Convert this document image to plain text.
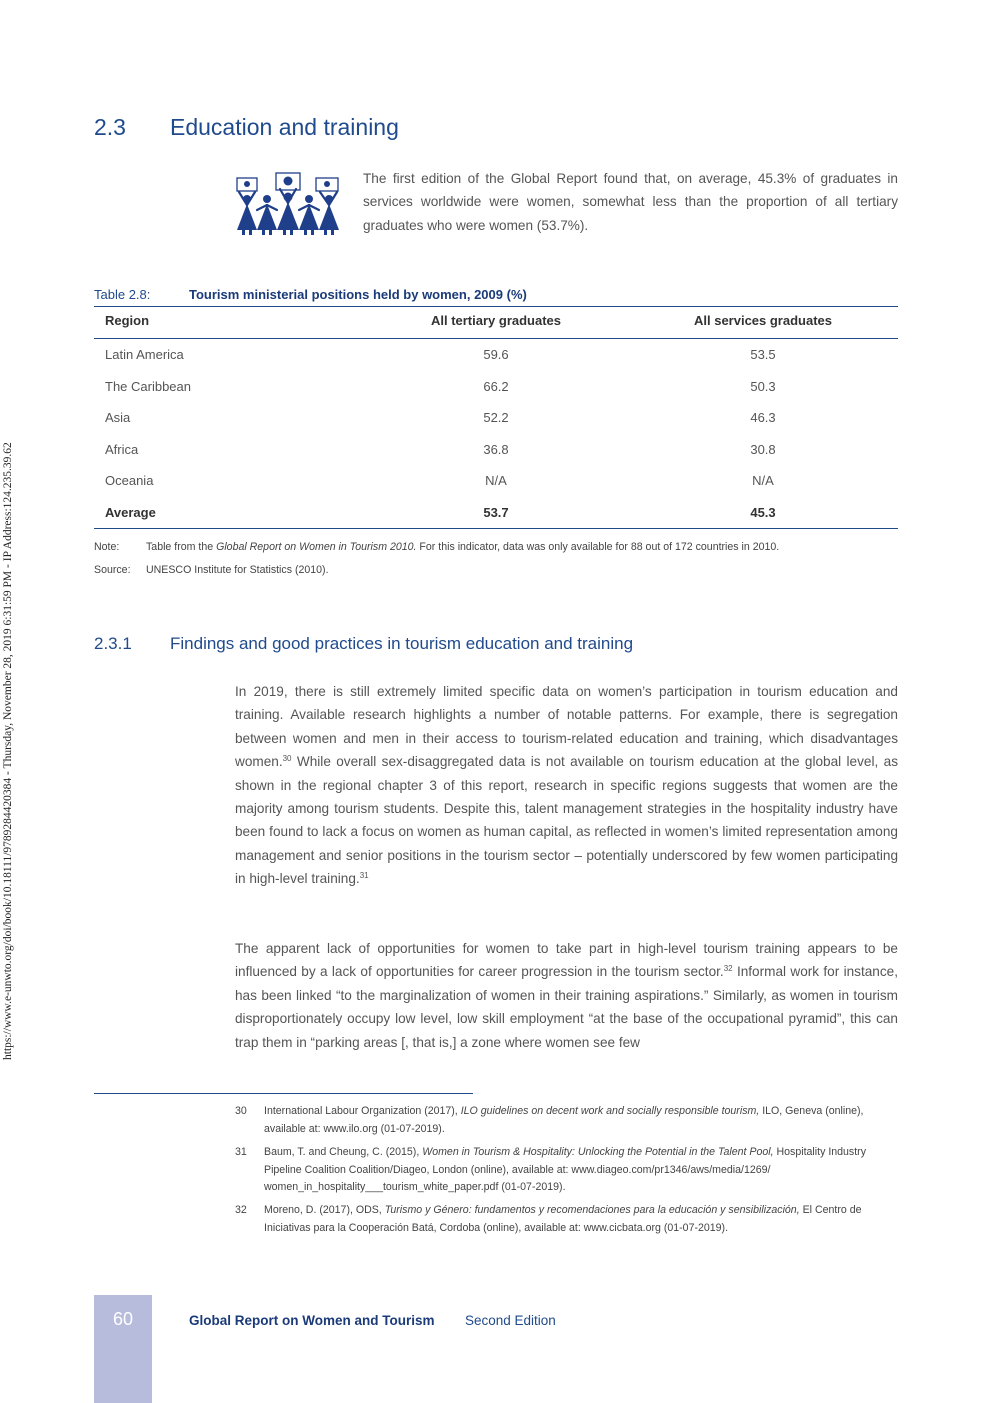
https://www.e-unwto.org/doi/book/10.18111/9789284420384 - Thursday, November 28, 2019 6:31:59 PM - IP Address:124.235.39.62
2.3 Education and training
The first edition of the Global Report found that, on average, 45.3% of graduates in services worldwide were women, somewhat less than the proportion of all tertiary graduates who were women (53.7%).
Table 2.8:	Tourism ministerial positions held by women, 2009 (%)
Region	All tertiary graduates	All services graduates
Latin America	59.6	53.5
The Caribbean	66.2	50.3
Asia	52.2	46.3
Africa	36.8	30.8
Oceania	N/A	N/A
Average	53.7	45.3
Note:	Table from the Global Report on Women in Tourism 2010. For this indicator, data was only available for 88 out of 172 countries in 2010.
Source: UNESCO Institute for Statistics (2010).
2.3.1 Findings and good practices in tourism education and training
In 2019, there is still extremely limited specific data on women’s participation in tourism education and training. Available research highlights a number of notable patterns. For example, there is segregation between women and men in their access to tourism-related education and training, which disadvantages women.$^{30}$ While overall sex-disaggregated data is not available on tourism education at the global level, as shown in the regional chapter 3 of this report, research in specific regions suggests that women are the majority among tourism students. Despite this, talent management strategies in the hospitality industry have been found to lack a focus on women as human capital, as reflected in women’s limited representation among management and senior positions in the tourism sector – potentially underscored by few women participating in high-level training.$^{31}$
The apparent lack of opportunities for women to take part in high-level tourism training appears to be influenced by a lack of opportunities for career progression in the tourism sector.$^{32}$ Informal work for instance, has been linked “to the marginalization of women in their training aspirations.” Similarly, as women in tourism disproportionately occupy low level, low skill employment “at the base of the occupational pyramid”, this can trap them in “parking areas [, that is,] a zone where women see few
30 International Labour Organization (2017), ILO guidelines on decent work and socially responsible tourism, ILO, Geneva (online), available at: www.ilo.org (01-07-2019).
31 Baum, T. and Cheung, C. (2015), Women in Tourism & Hospitality: Unlocking the Potential in the Talent Pool, Hospitality Industry Pipeline Coalition Coalition/Diageo, London (online), available at: www.diageo.com/pr1346/aws/media/1269/ women_in_hospitality___tourism_white_paper.pdf (01-07-2019).
32 Moreno, D. (2017), ODS, Turismo y Género: fundamentos y recomendaciones para la educación y sensibilización, El Centro de Iniciativas para la Cooperación Batá, Cordoba (online), available at: www.cicbata.org (01-07-2019).
60	Global Report on Women and Tourism Second Edition
